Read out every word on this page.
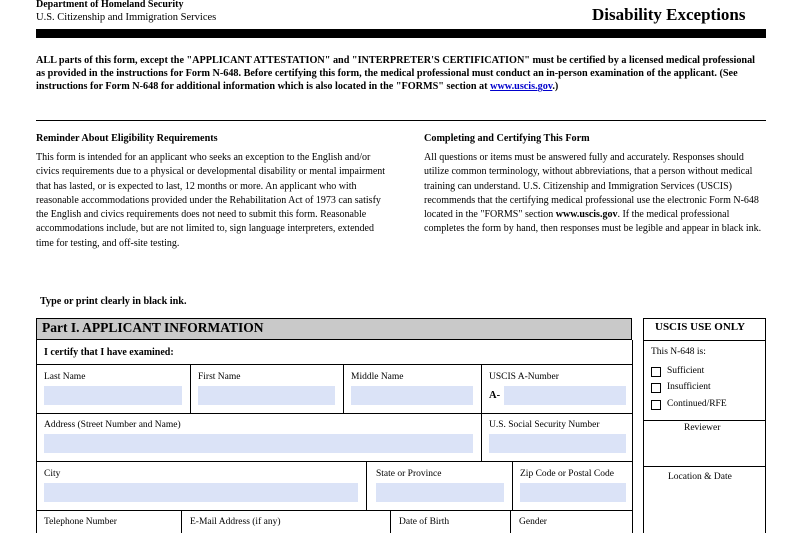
Department of Homeland Security
U.S. Citizenship and Immigration Services	Disability Exceptions
ALL parts of this form, except the "APPLICANT ATTESTATION" and "INTERPRETER'S CERTIFICATION" must be certified by a licensed medical professional as provided in the instructions for Form N-648. Before certifying this form, the medical professional must conduct an in-person examination of the applicant. (See instructions for Form N-648 for additional information which is also located in the "FORMS" section at www.uscis.gov.)
Reminder About Eligibility Requirements
This form is intended for an applicant who seeks an exception to the English and/or civics requirements due to a physical or developmental disability or mental impairment that has lasted, or is expected to last, 12 months or more. An applicant who with reasonable accommodations provided under the Rehabilitation Act of 1973 can satisfy the English and civics requirements does not need to submit this form. Reasonable accommodations include, but are not limited to, sign language interpreters, extended time for testing, and off-site testing.
Completing and Certifying This Form
All questions or items must be answered fully and accurately. Responses should utilize common terminology, without abbreviations, that a person without medical training can understand. U.S. Citizenship and Immigration Services (USCIS) recommends that the certifying medical professional use the electronic Form N-648 located in the "FORMS" section www.uscis.gov. If the medical professional completes the form by hand, then responses must be legible and appear in black ink.
Type or print clearly in black ink.
Part I. APPLICANT INFORMATION
I certify that I have examined:
Last Name	First Name	Middle Name	USCIS A-Number
A-
Address (Street Number and Name)	U.S. Social Security Number
City	State or Province	Zip Code or Postal Code
Telephone Number	E-Mail Address (if any)	Date of Birth	Gender
USCIS USE ONLY
This N-648 is:
Sufficient
Insufficient
Continued/RFE
Reviewer
Location & Date
